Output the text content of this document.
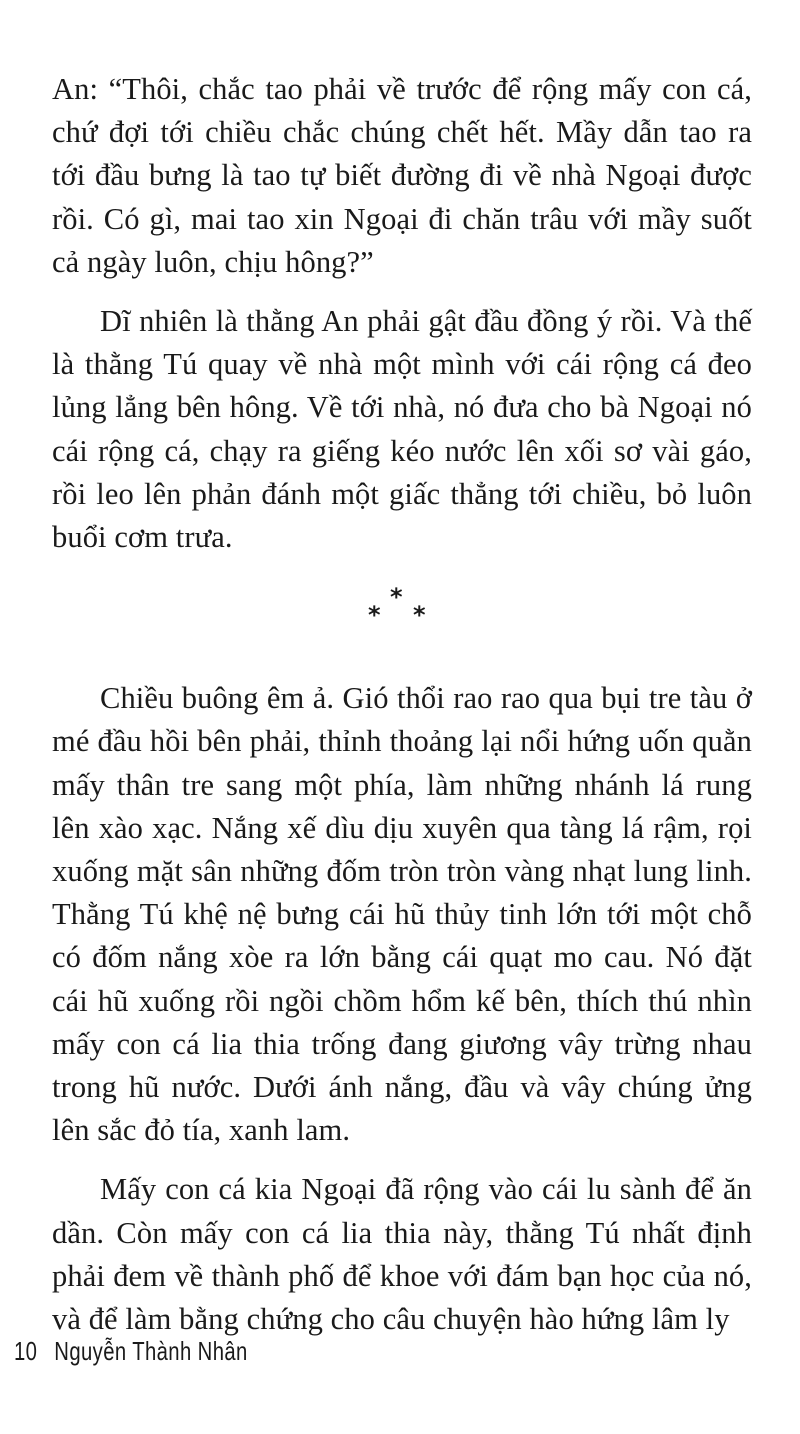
An: “Thôi, chắc tao phải về trước để rộng mấy con cá, chứ đợi tới chiều chắc chúng chết hết. Mầy dẫn tao ra tới đầu bưng là tao tự biết đường đi về nhà Ngoại được rồi. Có gì, mai tao xin Ngoại đi chăn trâu với mầy suốt cả ngày luôn, chịu hông?”

Dĩ nhiên là thằng An phải gật đầu đồng ý rồi. Và thế là thằng Tú quay về nhà một mình với cái rộng cá đeo lủng lẳng bên hông. Về tới nhà, nó đưa cho bà Ngoại nó cái rộng cá, chạy ra giếng kéo nước lên xối sơ vài gáo, rồi leo lên phản đánh một giấc thẳng tới chiều, bỏ luôn buổi cơm trưa.

*
* *

Chiều buông êm ả. Gió thổi rao rao qua bụi tre tàu ở mé đầu hồi bên phải, thỉnh thoảng lại nổi hứng uốn quằn mấy thân tre sang một phía, làm những nhánh lá rung lên xào xạc. Nắng xế dìu dịu xuyên qua tàng lá rậm, rọi xuống mặt sân những đốm tròn tròn vàng nhạt lung linh. Thằng Tú khệ nệ bưng cái hũ thủy tinh lớn tới một chỗ có đốm nắng xòe ra lớn bằng cái quạt mo cau. Nó đặt cái hũ xuống rồi ngồi chồm hổm kế bên, thích thú nhìn mấy con cá lia thia trống đang giương vây trừng nhau trong hũ nước. Dưới ánh nắng, đầu và vây chúng ửng lên sắc đỏ tía, xanh lam.

Mấy con cá kia Ngoại đã rộng vào cái lu sành để ăn dần. Còn mấy con cá lia thia này, thằng Tú nhất định phải đem về thành phố để khoe với đám bạn học của nó, và để làm bằng chứng cho câu chuyện hào hứng lâm ly

10 Nguyễn Thành Nhân
